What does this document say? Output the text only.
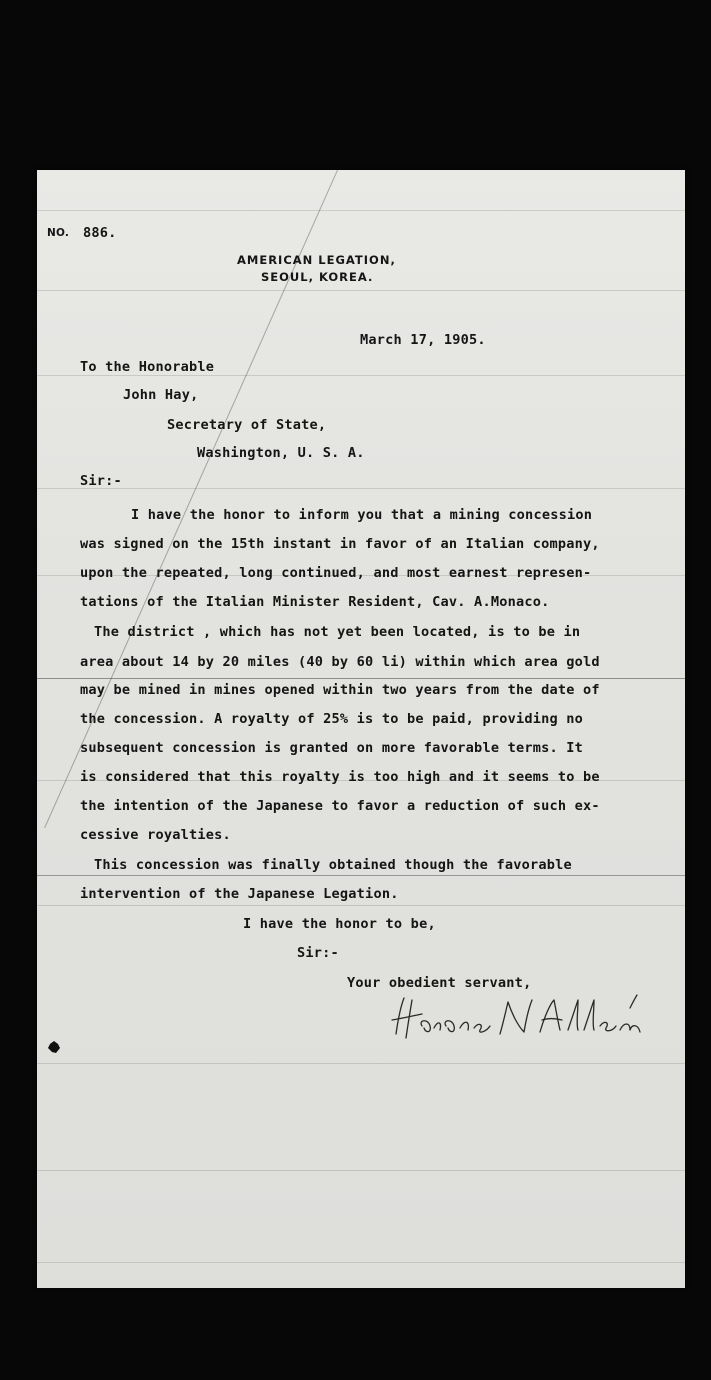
NO. 886.
AMERICAN LEGATION,
SEOUL, KOREA.
March 17, 1905.
To the Honorable
John Hay,
Secretary of State,
Washington, U. S. A.
Sir:-
I have the honor to inform you that a mining concession
was signed on the 15th instant in favor of an Italian company,
upon the repeated, long continued, and most earnest represen-
tations of the Italian Minister Resident, Cav. A.Monaco.
The district , which has not yet been located, is to be in
area about 14 by 20 miles (40 by 60 li) within which area gold
may be mined in mines opened within two years from the date of
the concession. A royalty of 25% is to be paid, providing no
subsequent concession is granted on more favorable terms. It
is considered that this royalty is too high and it seems to be
the intention of the Japanese to favor a reduction of such ex-
cessive royalties.
This concession was finally obtained though the favorable
intervention of the Japanese Legation.
I have the honor to be,
Sir:-
Your obedient servant,
